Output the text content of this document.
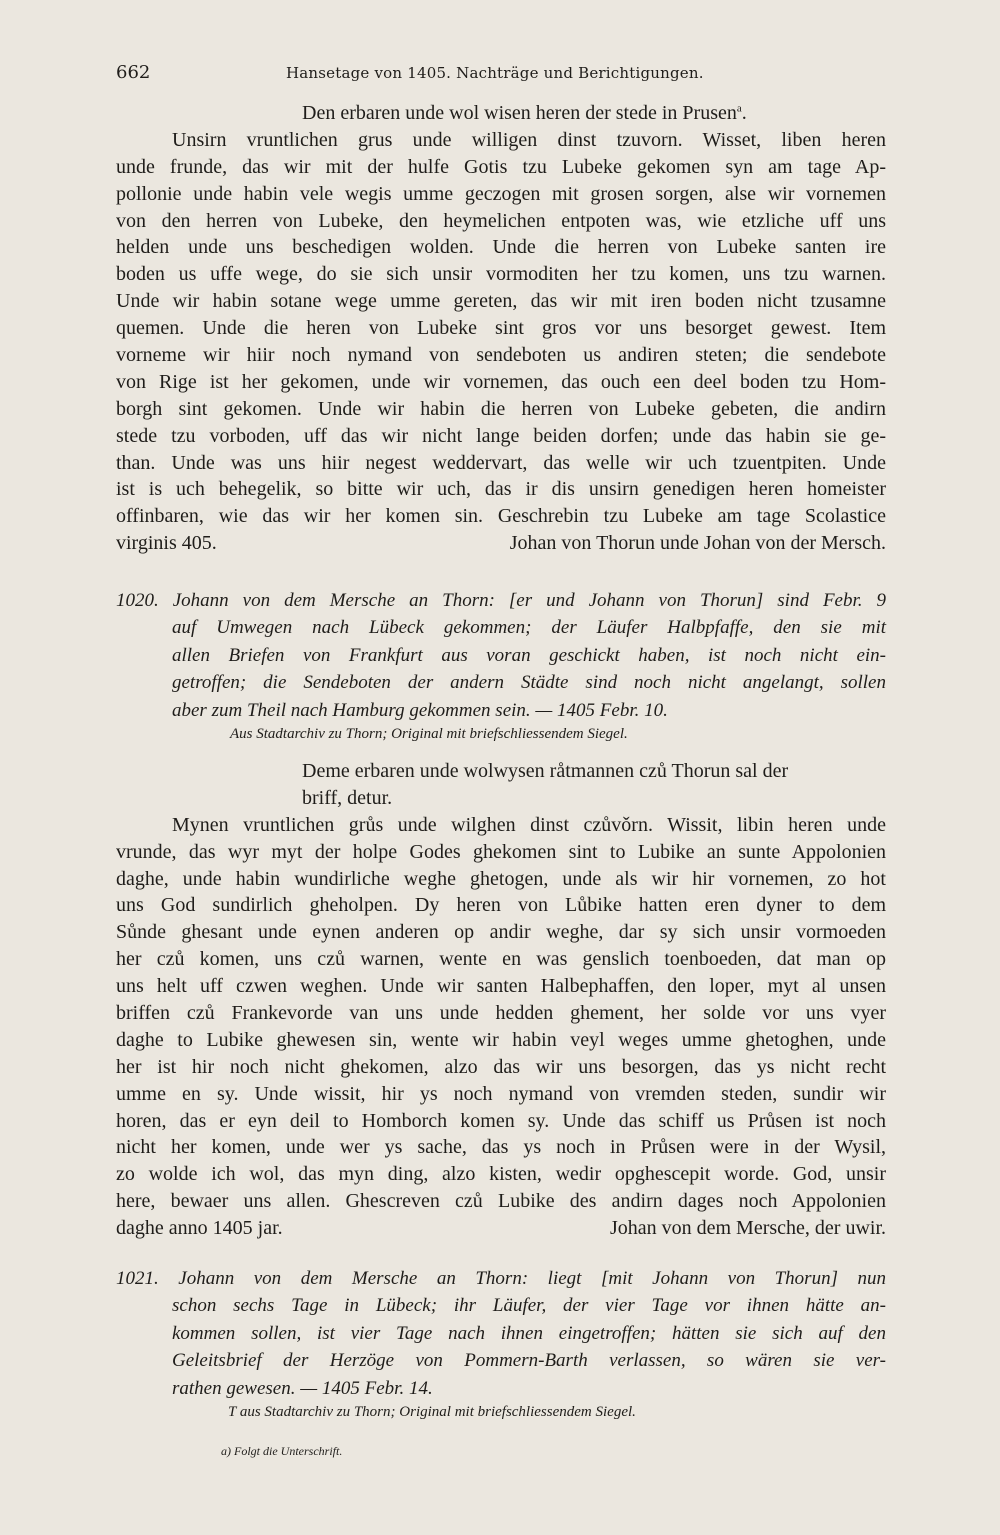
662	Hansetage von 1405. Nachträge und Berichtigungen.
Den erbaren unde wol wisen heren der stede in Prusen$^a$.
Unsirn vruntlichen grus unde willigen dinst tzuvorn. Wisset, liben heren
unde frunde, das wir mit der hulfe Gotis tzu Lubeke gekomen syn am tage Ap-
pollonie unde habin vele wegis umme geczogen mit grosen sorgen, alse wir vornemen
von den herren von Lubeke, den heymelichen entpoten was, wie etzliche uff uns
helden unde uns beschedigen wolden. Unde die herren von Lubeke santen ire
boden us uffe wege, do sie sich unsir vormoditen her tzu komen, uns tzu warnen.
Unde wir habin sotane wege umme gereten, das wir mit iren boden nicht tzusamne
quemen. Unde die heren von Lubeke sint gros vor uns besorget gewest. Item
vorneme wir hiir noch nymand von sendeboten us andiren steten; die sendebote
von Rige ist her gekomen, unde wir vornemen, das ouch een deel boden tzu Hom-
borgh sint gekomen. Unde wir habin die herren von Lubeke gebeten, die andirn
stede tzu vorboden, uff das wir nicht lange beiden dorfen; unde das habin sie ge-
than. Unde was uns hiir negest weddervart, das welle wir uch tzuentpiten. Unde
ist is uch behegelik, so bitte wir uch, das ir dis unsirn genedigen heren homeister
offinbaren, wie das wir her komen sin. Geschrebin tzu Lubeke am tage Scolastice
virginis 405.	Johan von Thorun unde Johan von der Mersch.
1020. Johann von dem Mersche an Thorn: [er und Johann von Thorun] sind Febr. 9
auf Umwegen nach Lübeck gekommen; der Läufer Halbpfaffe, den sie mit
allen Briefen von Frankfurt aus voran geschickt haben, ist noch nicht ein-
getroffen; die Sendeboten der andern Städte sind noch nicht angelangt, sollen
aber zum Theil nach Hamburg gekommen sein. — 1405 Febr. 10.
Aus Stadtarchiv zu Thorn; Original mit briefschliessendem Siegel.
Deme erbaren unde wolwysen råtmannen czů Thorun sal der
briff, detur.
Mynen vruntlichen grůs unde wilghen dinst czůvǒrn. Wissit, libin heren unde
vrunde, das wyr myt der holpe Godes ghekomen sint to Lubike an sunte Appolonien
daghe, unde habin wundirliche weghe ghetogen, unde als wir hir vornemen, zo hot
uns God sundirlich gheholpen. Dy heren von Lůbike hatten eren dyner to dem
Sůnde ghesant unde eynen anderen op andir weghe, dar sy sich unsir vormoeden
her czů komen, uns czů warnen, wente en was genslich toenboeden, dat man op
uns helt uff czwen weghen. Unde wir santen Halbephaffen, den loper, myt al unsen
briffen czů Frankevorde van uns unde hedden ghement, her solde vor uns vyer
daghe to Lubike ghewesen sin, wente wir habin veyl weges umme ghetoghen, unde
her ist hir noch nicht ghekomen, alzo das wir uns besorgen, das ys nicht recht
umme en sy. Unde wissit, hir ys noch nymand von vremden steden, sundir wir
horen, das er eyn deil to Homborch komen sy. Unde das schiff us Průsen ist noch
nicht her komen, unde wer ys sache, das ys noch in Průsen were in der Wysil,
zo wolde ich wol, das myn ding, alzo kisten, wedir opghescepit worde. God, unsir
here, bewaer uns allen. Ghescreven czů Lubike des andirn dages noch Appolonien
daghe anno 1405 jar.	Johan von dem Mersche, der uwir.
1021. Johann von dem Mersche an Thorn: liegt [mit Johann von Thorun] nun
schon sechs Tage in Lübeck; ihr Läufer, der vier Tage vor ihnen hätte an-
kommen sollen, ist vier Tage nach ihnen eingetroffen; hätten sie sich auf den
Geleitsbrief der Herzöge von Pommern-Barth verlassen, so wären sie ver-
rathen gewesen. — 1405 Febr. 14.
T aus Stadtarchiv zu Thorn; Original mit briefschliessendem Siegel.
a) Folgt die Unterschrift.
